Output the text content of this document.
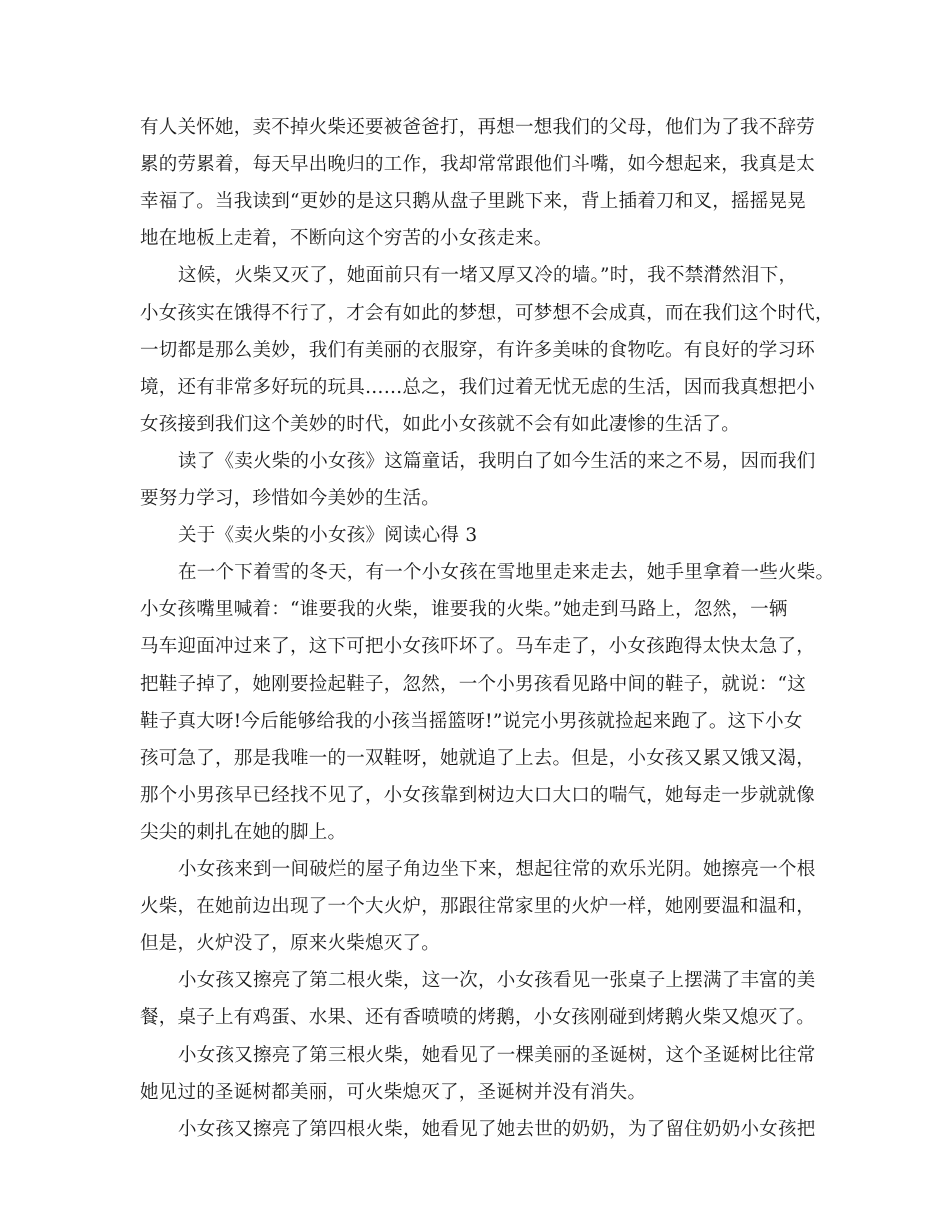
有人关怀她，卖不掉火柴还要被爸爸打，再想一想我们的父母，他们为了我不辞劳
累的劳累着，每天早出晚归的工作，我却常常跟他们斗嘴，如今想起来，我真是太
幸福了。当我读到“更妙的是这只鹅从盘子里跳下来，背上插着刀和叉，摇摇晃晃
地在地板上走着，不断向这个穷苦的小女孩走来。
这候，火柴又灭了，她面前只有一堵又厚又冷的墙。”时，我不禁潸然泪下，
小女孩实在饿得不行了，才会有如此的梦想，可梦想不会成真，而在我们这个时代，
一切都是那么美妙，我们有美丽的衣服穿，有许多美味的食物吃。有良好的学习环
境，还有非常多好玩的玩具……总之，我们过着无忧无虑的生活，因而我真想把小
女孩接到我们这个美妙的时代，如此小女孩就不会有如此凄惨的生活了。
读了《卖火柴的小女孩》这篇童话，我明白了如今生活的来之不易，因而我们
要努力学习，珍惜如今美妙的生活。
关于《卖火柴的小女孩》阅读心得 3
在一个下着雪的冬天，有一个小女孩在雪地里走来走去，她手里拿着一些火柴。
小女孩嘴里喊着：“谁要我的火柴，谁要我的火柴。”她走到马路上，忽然，一辆
马车迎面冲过来了，这下可把小女孩吓坏了。马车走了，小女孩跑得太快太急了，
把鞋子掉了，她刚要捡起鞋子，忽然，一个小男孩看见路中间的鞋子，就说：“这
鞋子真大呀!今后能够给我的小孩当摇篮呀!”说完小男孩就捡起来跑了。这下小女
孩可急了，那是我唯一的一双鞋呀，她就追了上去。但是，小女孩又累又饿又渴，
那个小男孩早已经找不见了，小女孩靠到树边大口大口的喘气，她每走一步就就像
尖尖的刺扎在她的脚上。
小女孩来到一间破烂的屋子角边坐下来，想起往常的欢乐光阴。她擦亮一个根
火柴，在她前边出现了一个大火炉，那跟往常家里的火炉一样，她刚要温和温和，
但是，火炉没了，原来火柴熄灭了。
小女孩又擦亮了第二根火柴，这一次，小女孩看见一张桌子上摆满了丰富的美
餐，桌子上有鸡蛋、水果、还有香喷喷的烤鹅，小女孩刚碰到烤鹅火柴又熄灭了。
小女孩又擦亮了第三根火柴，她看见了一棵美丽的圣诞树，这个圣诞树比往常
她见过的圣诞树都美丽，可火柴熄灭了，圣诞树并没有消失。
小女孩又擦亮了第四根火柴，她看见了她去世的奶奶，为了留住奶奶小女孩把
